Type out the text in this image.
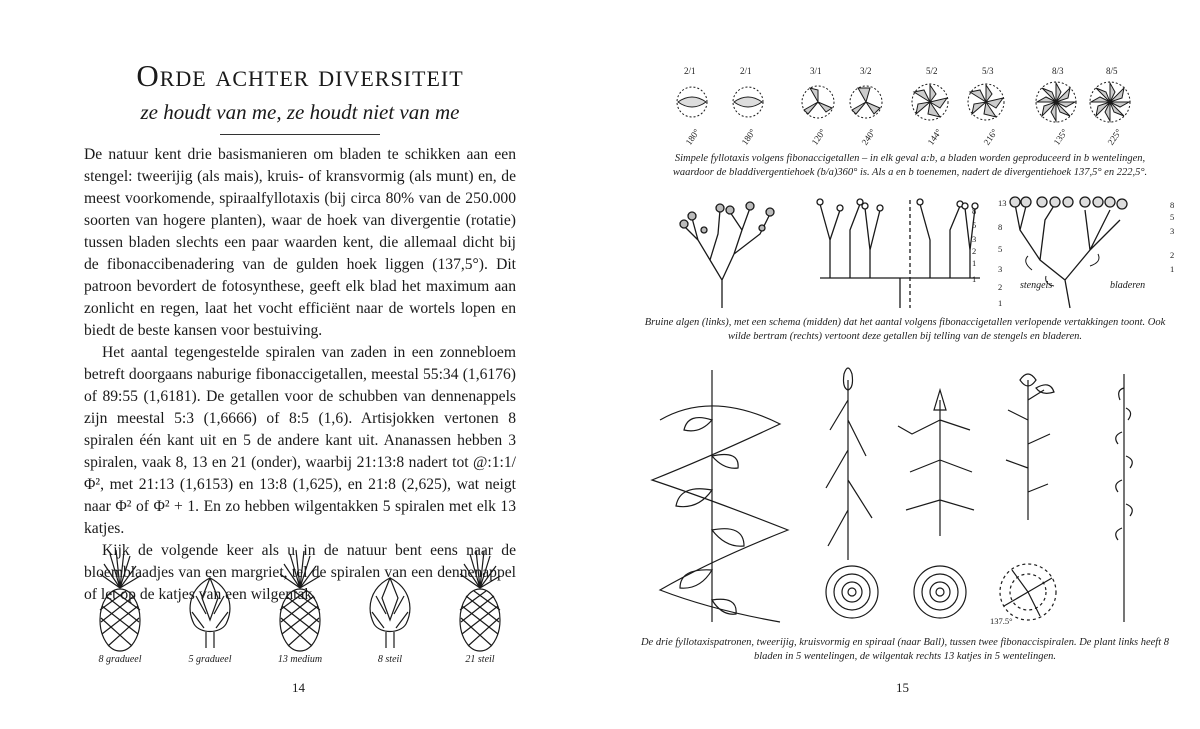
Orde achter diversiteit
ze houdt van me, ze houdt niet van me

De natuur kent drie basismanieren om bladen te schikken aan een stengel: tweerijig (als mais), kruis- of kransvormig (als munt) en, de meest voorkomende, spiraalfyllotaxis (bij circa 80% van de 250.000 soorten van hogere planten), waar de hoek van divergentie (rotatie) tussen bladen slechts een paar waarden kent, die allemaal dicht bij de fibonaccibenadering van de gulden hoek liggen (137,5°). Dit patroon bevordert de fotosynthese, geeft elk blad het maximum aan zonlicht en regen, laat het vocht efficiënt naar de wortels lopen en biedt de beste kansen voor bestuiving.

Het aantal tegengestelde spiralen van zaden in een zonnebloem betreft doorgaans naburige fibonaccigetallen, meestal 55:34 (1,6176) of 89:55 (1,6181). De getallen voor de schubben van dennenappels zijn meestal 5:3 (1,6666) of 8:5 (1,6). Artisjokken vertonen 8 spiralen één kant uit en 5 de andere kant uit. Ananassen hebben 3 spiralen, vaak 8, 13 en 21 (onder), waarbij 21:13:8 nadert tot @:1:1/Φ², met 21:13 (1,6153) en 13:8 (1,625), en 21:8 (2,625), wat neigt naar Φ² of Φ² + 1. En zo hebben wilgentakken 5 spiralen met elk 13 katjes.

Kijk de volgende keer als u in de natuur bent eens naar de bloemblaadjes van een margriet, tel de spiralen van een dennenappel of let op de katjes van een wilgentak.

8 gradueel	5 gradueel	13 medium	8 steil	21 steil
14
2/1	2/1	3/1	3/2	5/2	5/3	8/3	8/5
180°	180°	120°	240°	144°	216°	135°	225°
Simpele fyllotaxis volgens fibonaccigetallen – in elk geval a:b, a bladen worden geproduceerd in b wentelingen, waardoor de bladdivergentiehoek (b/a)360° is. Als a en b toenemen, nadert de divergentiehoek 137,5° en 222,5°.
8
5
3
2
1
1
13
8
5
3
2
1
8
5
3
2
1
stengels	bladeren
Bruine algen (links), met een schema (midden) dat het aantal volgens fibonaccigetallen verlopende vertakkingen toont. Ook wilde bertram (rechts) vertoont deze getallen bij telling van de stengels en bladeren.
137.5°
De drie fyllotaxispatronen, tweerijig, kruisvormig en spiraal (naar Ball), tussen twee fibonaccispiralen. De plant links heeft 8 bladen in 5 wentelingen, de wilgentak rechts 13 katjes in 5 wentelingen.
15
